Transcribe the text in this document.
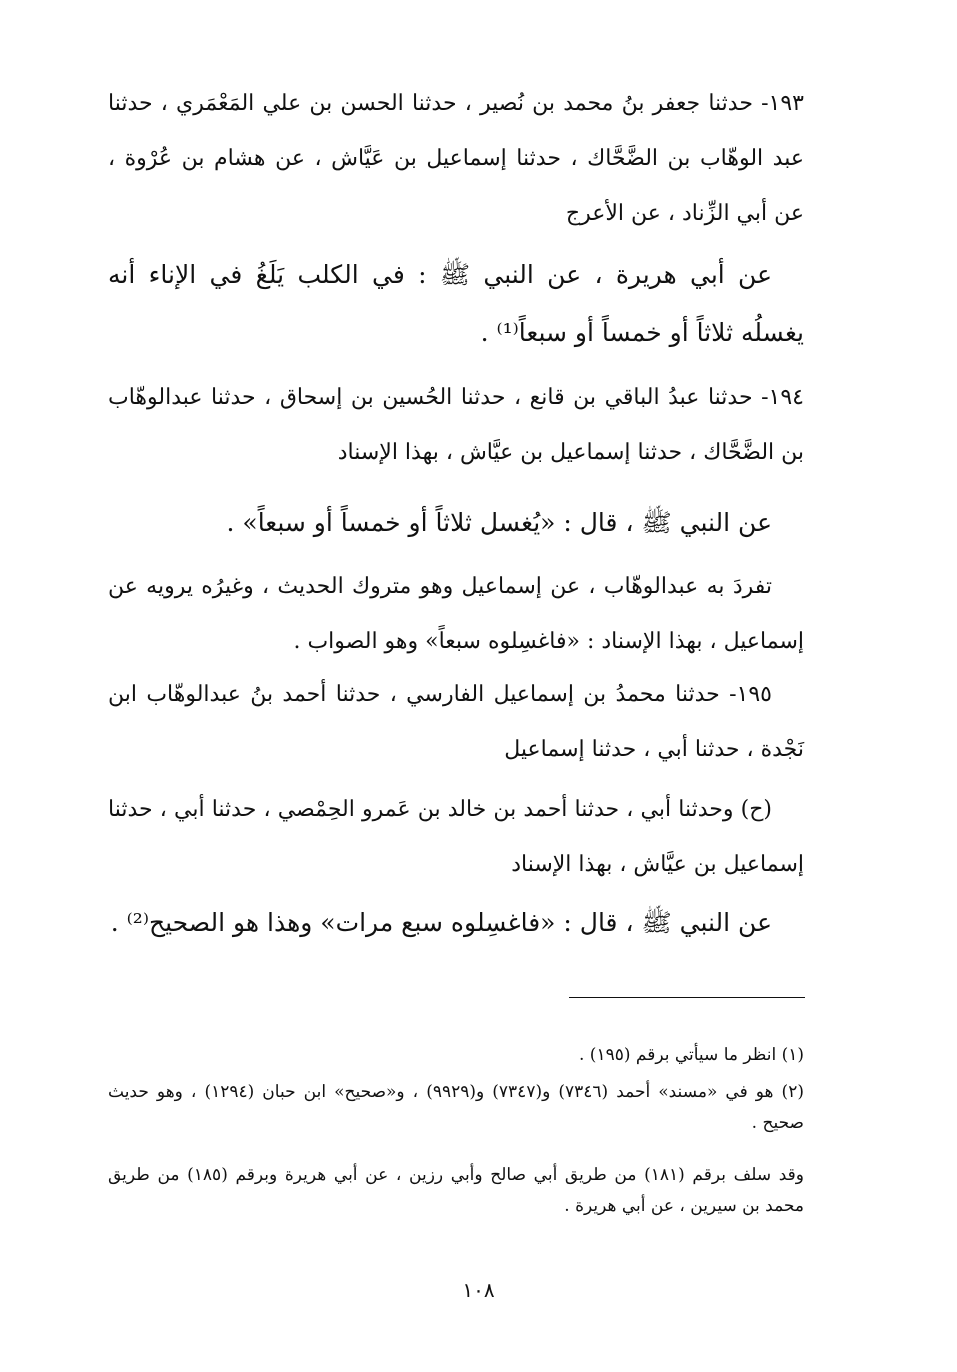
١٩٣- حدثنا جعفر بنُ محمد بن نُصير ، حدثنا الحسن بن علي المَعْمَري ، حدثنا عبد الوهّاب بن الضَّحَّاك ، حدثنا إسماعيل بن عَيَّاش ، عن هشام بن عُرْوة ، عن أبي الزِّناد ، عن الأعرج

عن أبي هريرة ، عن النبي ﷺ : في الكلب يَلَغُ في الإناء أنه يغسلُه ثلاثاً أو خمساً أو سبعاً⁽¹⁾ .

١٩٤- حدثنا عبدُ الباقي بن قانع ، حدثنا الحُسين بن إسحاق ، حدثنا عبدالوهّاب بن الضَّحَّاك ، حدثنا إسماعيل بن عيَّاش ، بهذا الإسناد

عن النبي ﷺ ، قال : «يُغسل ثلاثاً أو خمساً أو سبعاً» .

تفردَ به عبدالوهّاب ، عن إسماعيل وهو متروك الحديث ، وغيرُه يرويه عن إسماعيل ، بهذا الإسناد : «فاغسِلوه سبعاً» وهو الصواب .

١٩٥- حدثنا محمدُ بن إسماعيل الفارسي ، حدثنا أحمد بنُ عبدالوهّاب ابن نَجْدة ، حدثنا أبي ، حدثنا إسماعيل

(ح) وحدثنا أبي ، حدثنا أحمد بن خالد بن عَمرو الحِمْصي ، حدثنا أبي ، حدثنا إسماعيل بن عيَّاش ، بهذا الإسناد

عن النبي ﷺ ، قال : «فاغسِلوه سبع مرات» وهذا هو الصحيح⁽²⁾ .

(١) انظر ما سيأتي برقم (١٩٥) .

(٢) هو في «مسند» أحمد (٧٣٤٦) و(٧٣٤٧) و(٩٩٢٩) ، و«صحيح» ابن حبان (١٢٩٤) ، وهو حديث صحيح .

وقد سلف برقم (١٨١) من طريق أبي صالح وأبي رزين ، عن أبي هريرة وبرقم (١٨٥) من طريق محمد بن سيرين ، عن أبي هريرة .

١٠٨
